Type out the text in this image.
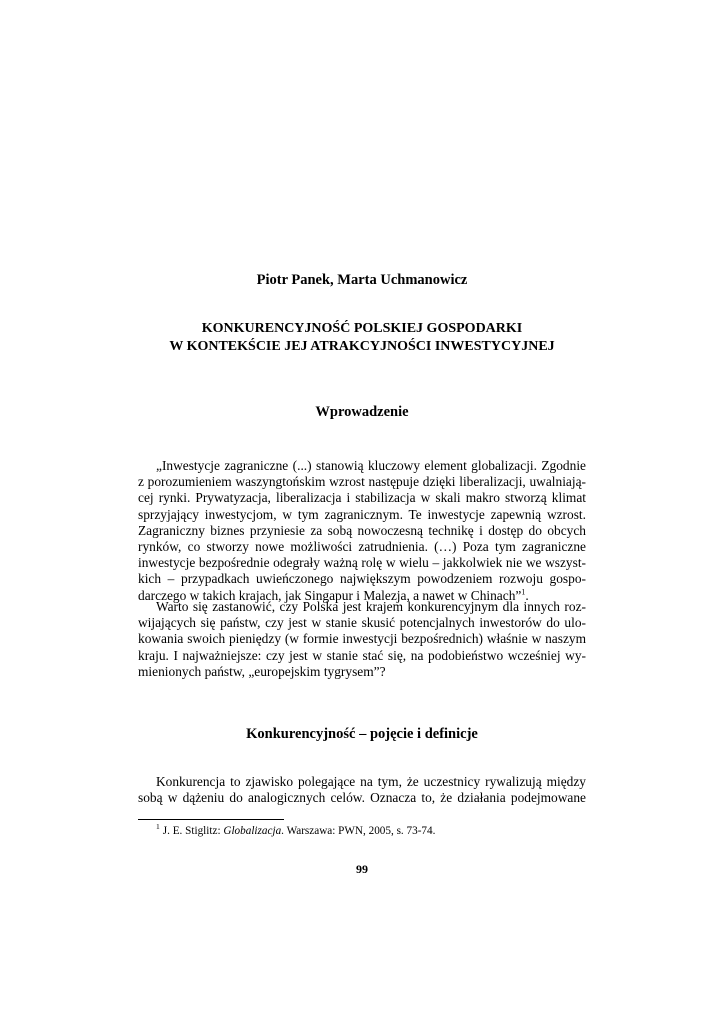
Piotr Panek, Marta Uchmanowicz
KONKURENCYJNOŚĆ POLSKIEJ GOSPODARKI
W KONTEKŚCIE JEJ ATRAKCYJNOŚCI INWESTYCYJNEJ
Wprowadzenie
„Inwestycje zagraniczne (...) stanowią kluczowy element globalizacji. Zgodnie
z porozumieniem waszyngtońskim wzrost następuje dzięki liberalizacji, uwalniają-
cej rynki. Prywatyzacja, liberalizacja i stabilizacja w skali makro stworzą klimat
sprzyjający inwestycjom, w tym zagranicznym. Te inwestycje zapewnią wzrost.
Zagraniczny biznes przyniesie za sobą nowoczesną technikę i dostęp do obcych
rynków, co stworzy nowe możliwości zatrudnienia. (…) Poza tym zagraniczne
inwestycje bezpośrednie odegrały ważną rolę w wielu – jakkolwiek nie we wszyst-
kich – przypadkach uwieńczonego największym powodzeniem rozwoju gospo-
darczego w takich krajach, jak Singapur i Malezja, a nawet w Chinach”$^1$.
Warto się zastanowić, czy Polska jest krajem konkurencyjnym dla innych roz-
wijających się państw, czy jest w stanie skusić potencjalnych inwestorów do ulo-
kowania swoich pieniędzy (w formie inwestycji bezpośrednich) właśnie w naszym
kraju. I najważniejsze: czy jest w stanie stać się, na podobieństwo wcześniej wy-
mienionych państw, „europejskim tygrysem”?
Konkurencyjność – pojęcie i definicje
Konkurencja to zjawisko polegające na tym, że uczestnicy rywalizują między
sobą w dążeniu do analogicznych celów. Oznacza to, że działania podejmowane
$^1$ J. E. Stiglitz: Globalizacja. Warszawa: PWN, 2005, s. 73-74.
99
